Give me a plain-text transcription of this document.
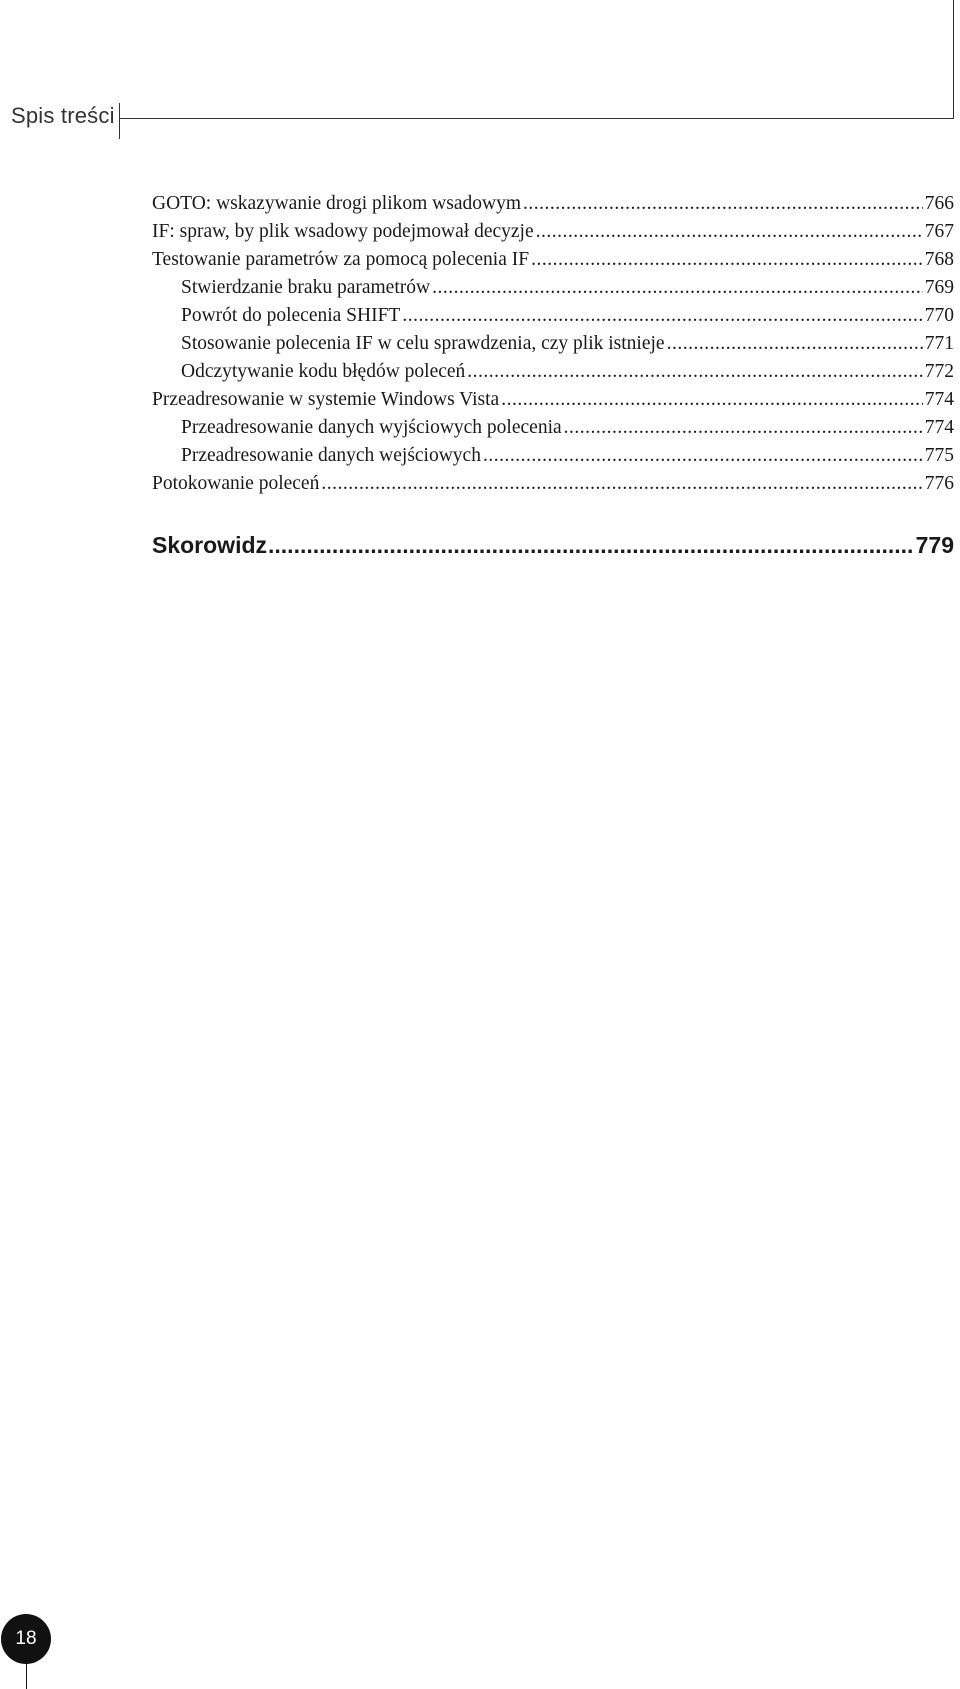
Spis treści
GOTO: wskazywanie drogi plikom wsadowym .....	766
IF: spraw, by plik wsadowy podejmował decyzje .....	767
Testowanie parametrów za pomocą polecenia IF .....	768
Stwierdzanie braku parametrów .....	769
Powrót do polecenia SHIFT .....	770
Stosowanie polecenia IF w celu sprawdzenia, czy plik istnieje .....	771
Odczytywanie kodu błędów poleceń .....	772
Przeadresowanie w systemie Windows Vista .....	774
Przeadresowanie danych wyjściowych polecenia .....	774
Przeadresowanie danych wejściowych .....	775
Potokowanie poleceń .....	776
Skorowidz .....	779
18
